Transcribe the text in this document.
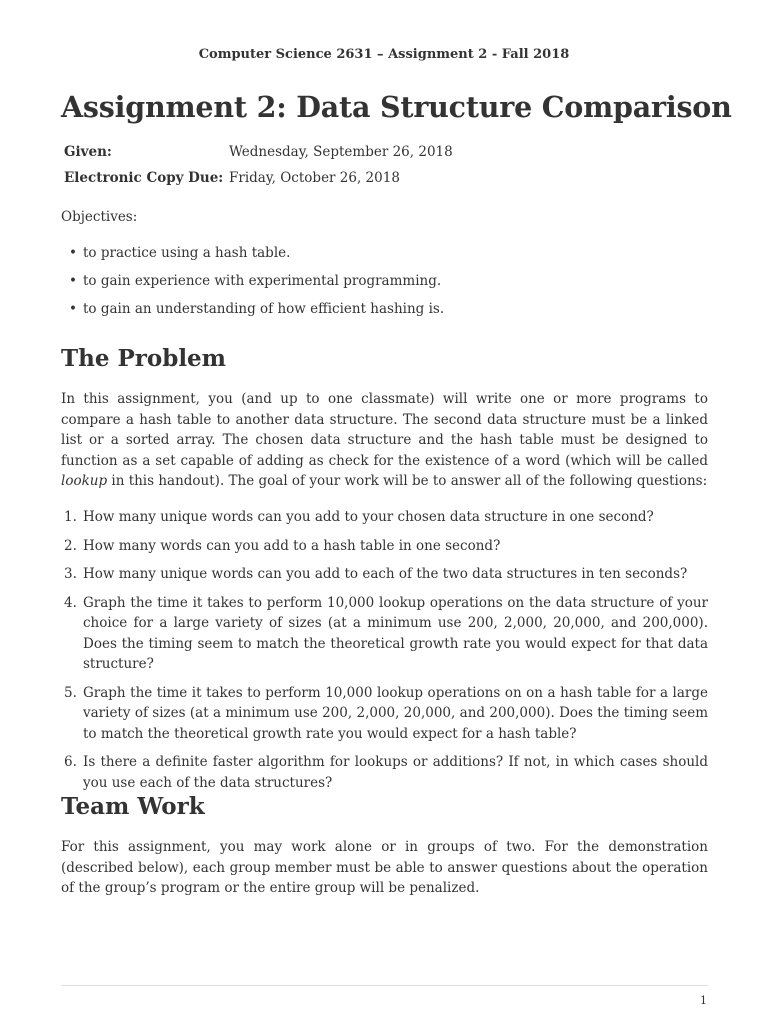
Computer Science 2631 – Assignment 2 - Fall 2018
Assignment 2: Data Structure Comparison
Given:	Wednesday, September 26, 2018
Electronic Copy Due: Friday, October 26, 2018
Objectives:
• to practice using a hash table.
• to gain experience with experimental programming.
• to gain an understanding of how efficient hashing is.
The Problem
In this assignment, you (and up to one classmate) will write one or more programs to compare a hash table to another data structure. The second data structure must be a linked list or a sorted array. The chosen data structure and the hash table must be designed to function as a set capable of adding as check for the existence of a word (which will be called lookup in this handout). The goal of your work will be to answer all of the following questions:
1. How many unique words can you add to your chosen data structure in one second?
2. How many words can you add to a hash table in one second?
3. How many unique words can you add to each of the two data structures in ten seconds?
4. Graph the time it takes to perform 10,000 lookup operations on the data structure of your choice for a large variety of sizes (at a minimum use 200, 2,000, 20,000, and 200,000). Does the timing seem to match the theoretical growth rate you would expect for that data structure?
5. Graph the time it takes to perform 10,000 lookup operations on on a hash table for a large variety of sizes (at a minimum use 200, 2,000, 20,000, and 200,000). Does the timing seem to match the theoretical growth rate you would expect for a hash table?
6. Is there a definite faster algorithm for lookups or additions? If not, in which cases should you use each of the data structures?
Team Work
For this assignment, you may work alone or in groups of two. For the demonstration (described below), each group member must be able to answer questions about the operation of the group’s program or the entire group will be penalized.
1
